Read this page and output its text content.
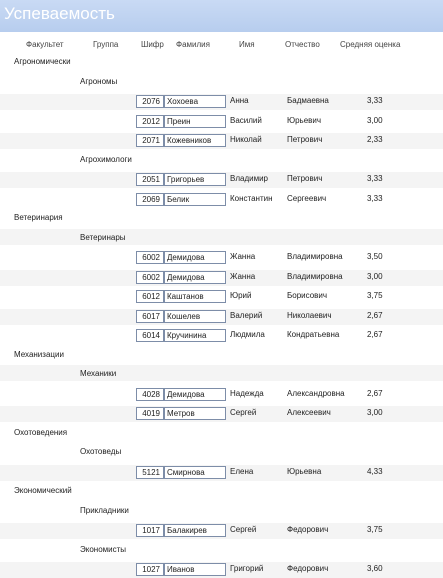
Успеваемость
Факультет	Группа	Шифр Фамилия	Имя	Отчество	Средняя оценка
Агрономически
Агрономы
2076 Хохоева	Анна	Бадмаевна	3,33
2012 Преин	Василий	Юрьевич	3,00
2071 Кожевников	Николай	Петрович	2,33
Агрохимологи
2051 Григорьев	Владимир Петрович	3,33
2069 Белик	Константин Сергеевич	3,33
Ветеринария
Ветеринары
6002 Демидова	Жанна	Владимировна	3,50
6002 Демидова	Жанна	Владимировна	3,00
6012 Каштанов	Юрий	Борисович	3,75
6017 Кошелев	Валерий	Николаевич	2,67
6014 Кручинина	Людмила	Кондратьевна	2,67
Механизации
Механики
4028 Демидова	Надежда	Александровна	2,67
4019 Метров	Сергей	Алексеевич	3,00
Охотоведения
Охотоведы
5121 Смирнова	Елена	Юрьевна	4,33
Экономический
Прикладники
1017 Балакирев	Сергей	Федорович	3,75
Экономисты
1027 Иванов	Григорий	Федорович	3,60
